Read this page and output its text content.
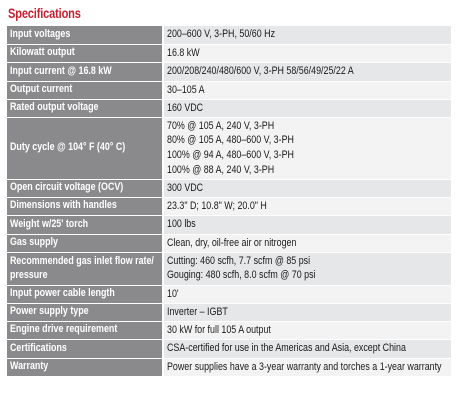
Specifications
Input voltages	200–600 V, 3-PH, 50/60 Hz

Kilowatt output	16.8 kW

Input current @ 16.8 kW	200/208/240/480/600 V, 3-PH 58/56/49/25/22 A

Output current	30–105 A

Rated output voltage	160 VDC

Duty cycle @ 104° F (40° C)	70% @ 105 A, 240 V, 3-PH
80% @ 105 A, 480–600 V, 3-PH
100% @ 94 A, 480–600 V, 3-PH
100% @ 88 A, 240 V, 3-PH

Open circuit voltage (OCV)	300 VDC

Dimensions with handles	23.3" D; 10.8" W; 20.0" H

Weight w/25' torch	100 lbs

Gas supply	Clean, dry, oil-free air or nitrogen

Recommended gas inlet flow rate/
pressure	Cutting: 460 scfh, 7.7 scfm @ 85 psi
Gouging: 480 scfh, 8.0 scfm @ 70 psi

Input power cable length	10'

Power supply type	Inverter – IGBT

Engine drive requirement	30 kW for full 105 A output

Certifications	CSA-certified for use in the Americas and Asia, except China

Warranty	Power supplies have a 3-year warranty and torches a 1-year warranty
